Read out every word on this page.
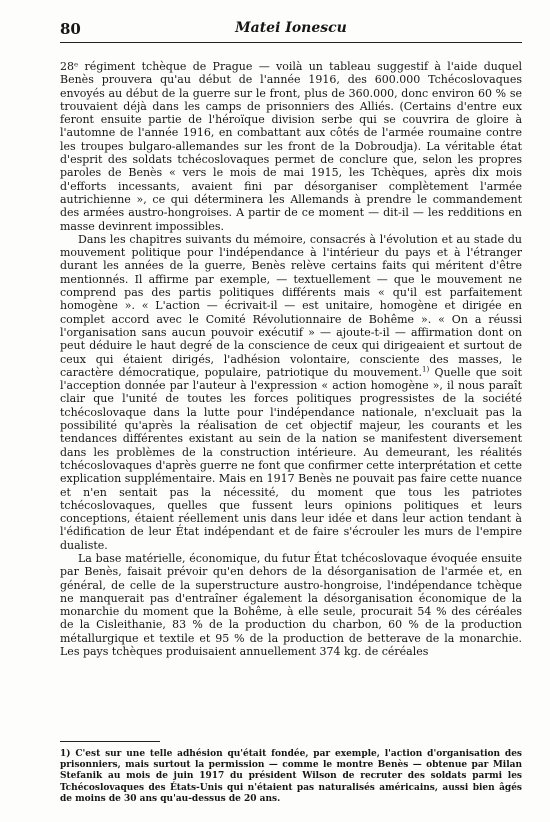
80	Matei Ionescu

28ᵉ régiment tchèque de Prague — voilà un tableau suggestif à l'aide duquel Benès prouvera qu'au début de l'année 1916, des 600.000 Tchécoslovaques envoyés au début de la guerre sur le front, plus de 360.000, donc environ 60 % se trouvaient déjà dans les camps de prisonniers des Alliés. (Certains d'entre eux feront ensuite partie de l'héroïque division serbe qui se couvrira de gloire à l'automne de l'année 1916, en combattant aux côtés de l'armée roumaine contre les troupes bulgaro-allemandes sur les front de la Dobroudja). La véritable état d'esprit des soldats tchécoslovaques permet de conclure que, selon les propres paroles de Benès « vers le mois de mai 1915, les Tchèques, après dix mois d'efforts incessants, avaient fini par désorganiser complètement l'armée autrichienne », ce qui déterminera les Allemands à prendre le commandement des armées austro-hongroises. A partir de ce moment — dit-il — les redditions en masse devinrent impossibles.

Dans les chapitres suivants du mémoire, consacrés à l'évolution et au stade du mouvement politique pour l'indépendance à l'intérieur du pays et à l'étranger durant les années de la guerre, Benès relève certains faits qui méritent d'être mentionnés. Il affirme par exemple, — textuellement — que le mouvement ne comprend pas des partis politiques différents mais « qu'il est parfaitement homogène ». « L'action — écrivait-il — est unitaire, homogène et dirigée en complet accord avec le Comité Révolutionnaire de Bohême ». « On a réussi l'organisation sans aucun pouvoir exécutif » — ajoute-t-il — affirmation dont on peut déduire le haut degré de la conscience de ceux qui dirigeaient et surtout de ceux qui étaient dirigés, l'adhésion volontaire, consciente des masses, le caractère démocratique, populaire, patriotique du mouvement.$^{1)}$ Quelle que soit l'acception donnée par l'auteur à l'expression « action homogène », il nous paraît clair que l'unité de toutes les forces politiques progressistes de la société tchécoslovaque dans la lutte pour l'indépendance nationale, n'excluait pas la possibilité qu'après la réalisation de cet objectif majeur, les courants et les tendances différentes existant au sein de la nation se manifestent diversement dans les problèmes de la construction intérieure. Au demeurant, les réalités tchécoslovaques d'après guerre ne font que confirmer cette interprétation et cette explication supplémentaire. Mais en 1917 Benès ne pouvait pas faire cette nuance et n'en sentait pas la nécessité, du moment que tous les patriotes tchécoslovaques, quelles que fussent leurs opinions politiques et leurs conceptions, étaient réellement unis dans leur idée et dans leur action tendant à l'édification de leur État indépendant et de faire s'écrouler les murs de l'empire dualiste.

La base matérielle, économique, du futur État tchécoslovaque évoquée ensuite par Benès, faisait prévoir qu'en dehors de la désorganisation de l'armée et, en général, de celle de la superstructure austro-hongroise, l'indépendance tchèque ne manquerait pas d'entraîner également la désorganisation économique de la monarchie du moment que la Bohême, à elle seule, procurait 54 % des céréales de la Cisleithanie, 83 % de la production du charbon, 60 % de la production métallurgique et textile et 95 % de la production de betterave de la monarchie. Les pays tchèques produisaient annuellement 374 kg. de céréales

1) C'est sur une telle adhésion qu'était fondée, par exemple, l'action d'organisation des prisonniers, mais surtout la permission — comme le montre Benès — obtenue par Milan Stefanik au mois de juin 1917 du président Wilson de recruter des soldats parmi les Tchécoslovaques des États-Unis qui n'étaient pas naturalisés américains, aussi bien âgés de moins de 30 ans qu'au-dessus de 20 ans.
